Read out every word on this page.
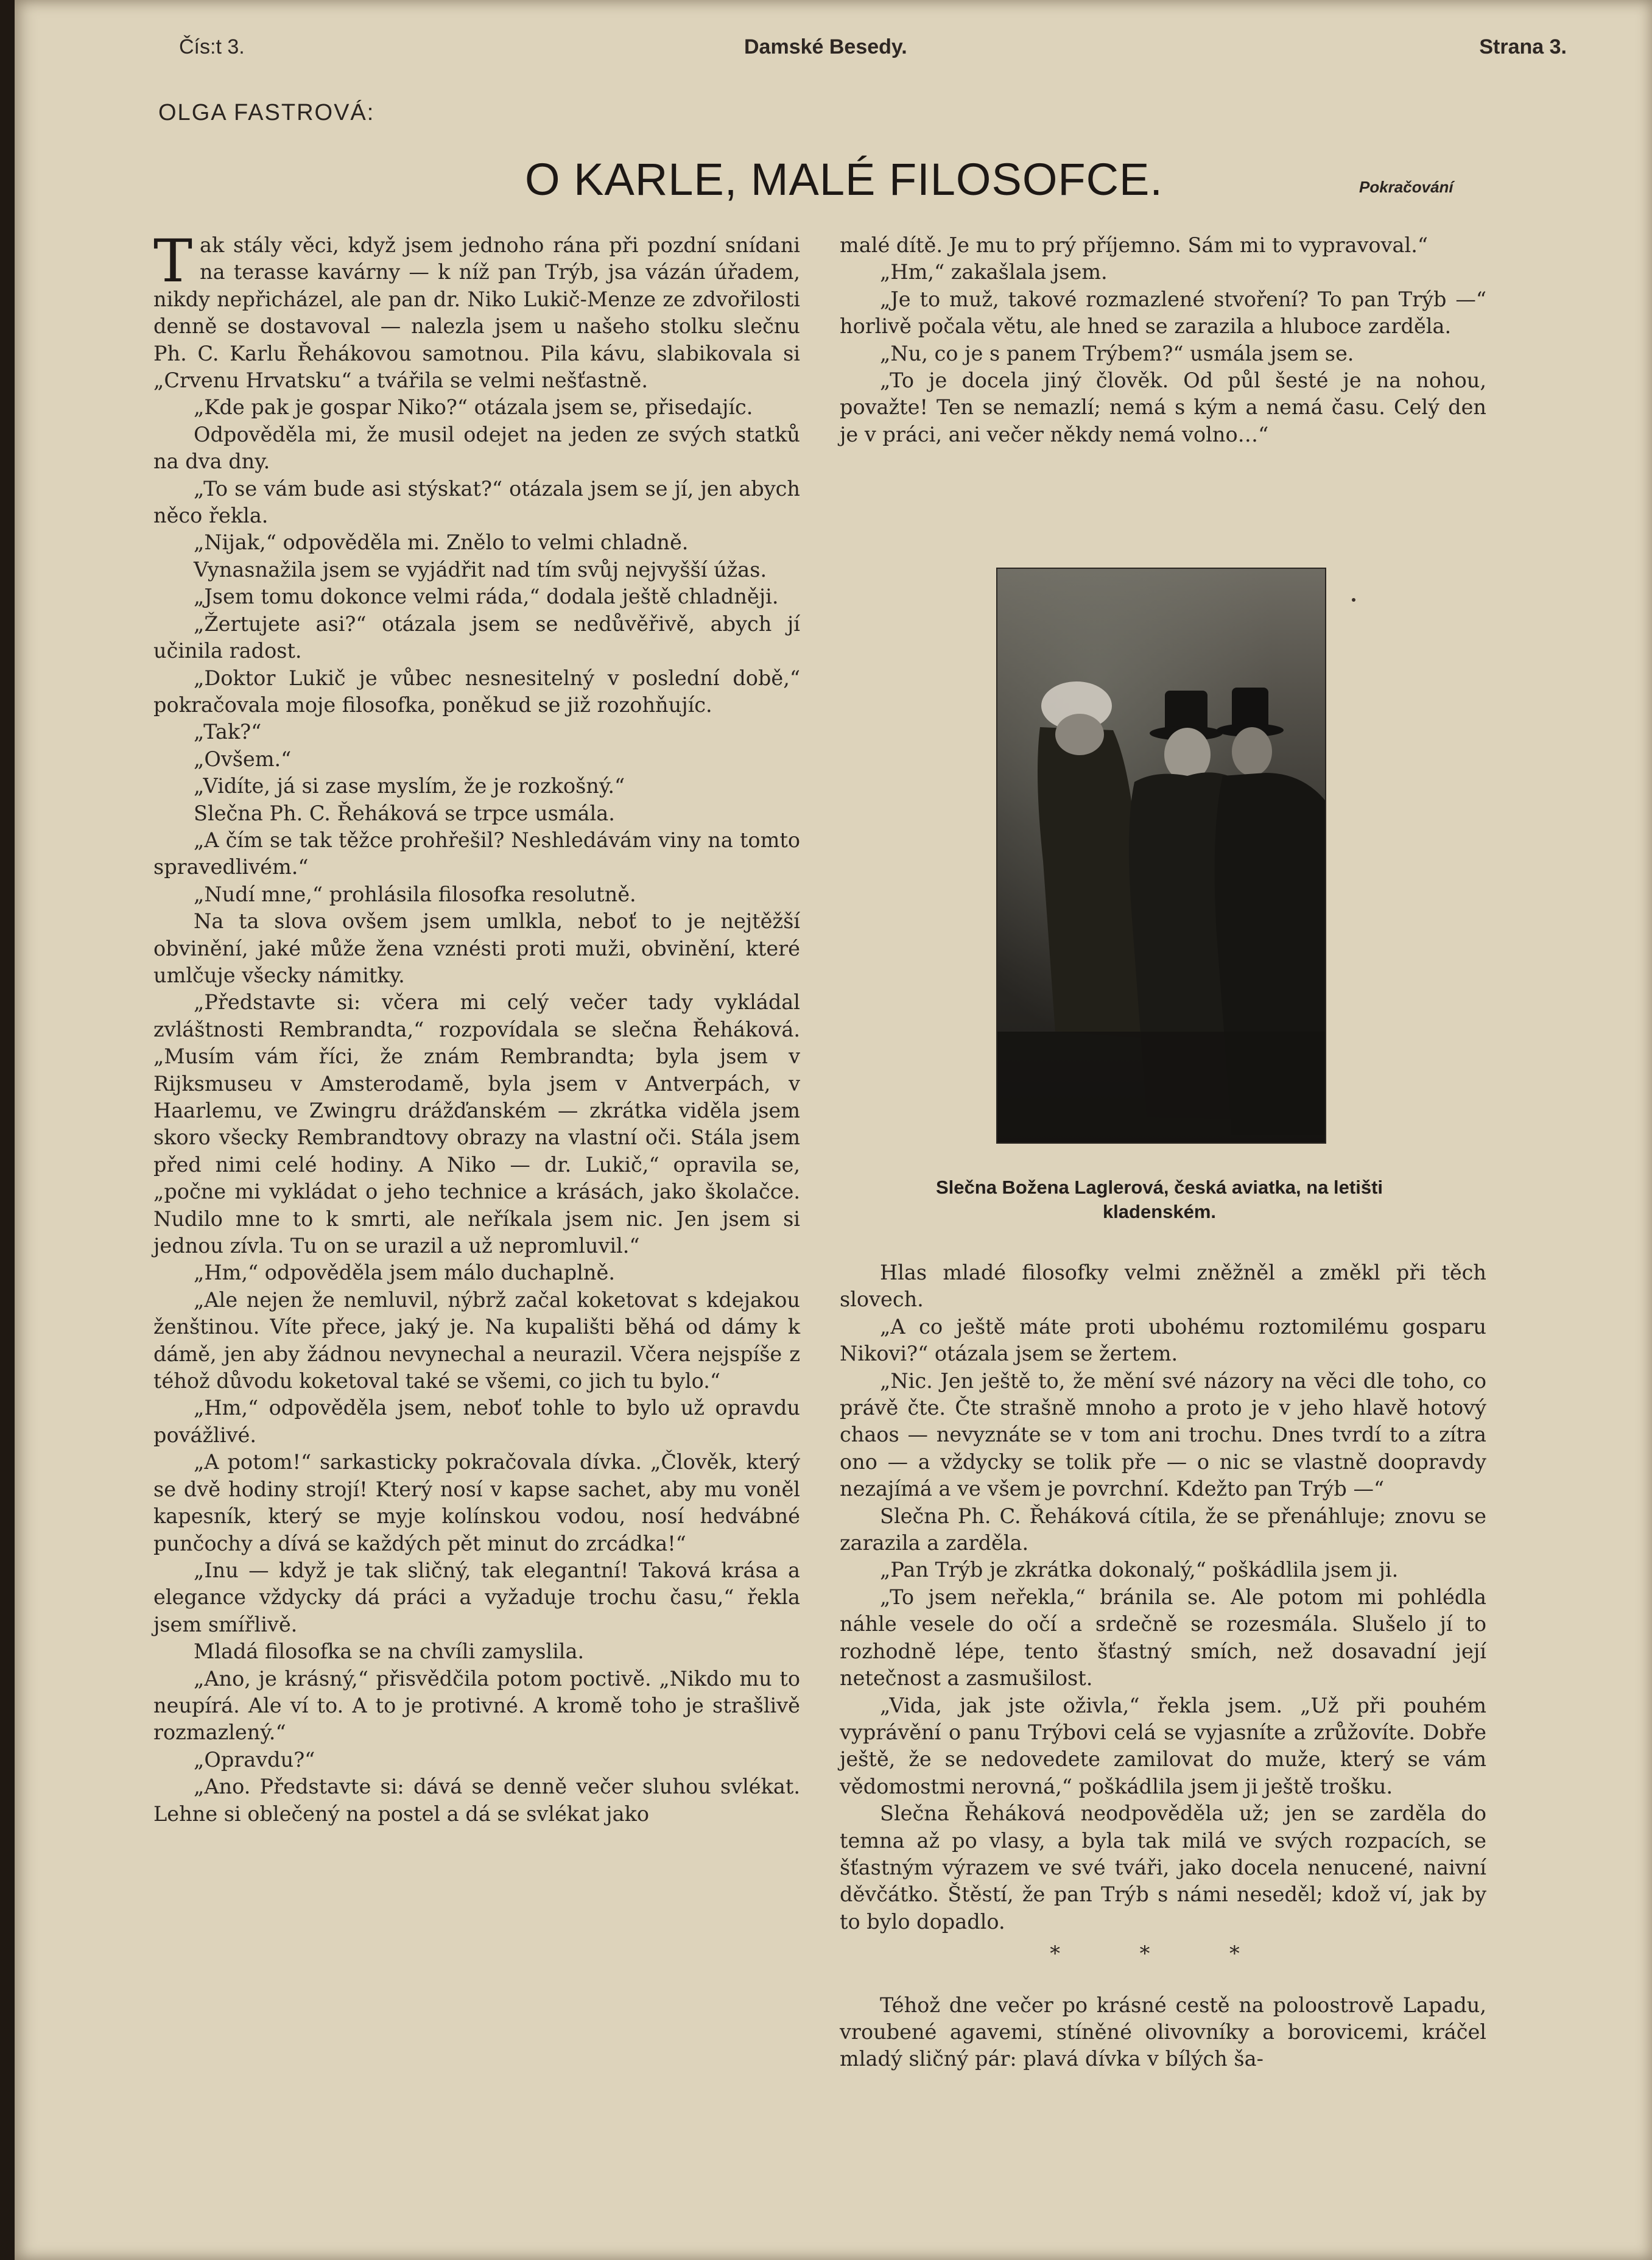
Čís:t 3.	Damské Besedy.	Strana 3.
OLGA FASTROVÁ:
O KARLE, MALÉ FILOSOFCE.	Pokračování

Tak stály věci, když jsem jednoho rána při pozdní snídani na terasse kavárny — k níž pan Trýb, jsa vázán úřadem, nikdy nepřicházel, ale pan dr. Niko Lukič-Menze ze zdvořilosti denně se dostavoval — nalezla jsem u našeho stolku slečnu Ph. C. Karlu Řehákovou samotnou. Pila kávu, slabikovala si „Crvenu Hrvatsku“ a tvářila se velmi nešťastně.

„Kde pak je gospar Niko?“ otázala jsem se, přisedajíc.

Odpověděla mi, že musil odejet na jeden ze svých statků na dva dny.

„To se vám bude asi stýskat?“ otázala jsem se jí, jen abych něco řekla.

„Nijak,“ odpověděla mi. Znělo to velmi chladně.

Vynasnažila jsem se vyjádřit nad tím svůj nejvyšší úžas.

„Jsem tomu dokonce velmi ráda,“ dodala ještě chladněji.

„Žertujete asi?“ otázala jsem se nedůvěřivě, abych jí učinila radost.

„Doktor Lukič je vůbec nesnesitelný v poslední době,“ pokračovala moje filosofka, poněkud se již rozohňujíc.

„Tak?“

„Ovšem.“

„Vidíte, já si zase myslím, že je rozkošný.“

Slečna Ph. C. Řeháková se trpce usmála.

„A čím se tak těžce prohřešil? Neshledávám viny na tomto spravedlivém.“

„Nudí mne,“ prohlásila filosofka resolutně.

Na ta slova ovšem jsem umlkla, neboť to je nejtěžší obvinění, jaké může žena vznésti proti muži, obvinění, které umlčuje všecky námitky.

„Představte si: včera mi celý večer tady vykládal zvláštnosti Rembrandta,“ rozpovídala se slečna Řeháková. „Musím vám říci, že znám Rembrandta; byla jsem v Rijksmuseu v Amsterodamě, byla jsem v Antverpách, v Haarlemu, ve Zwingru drážďanském — zkrátka viděla jsem skoro všecky Rembrandtovy obrazy na vlastní oči. Stála jsem před nimi celé hodiny. A Niko — dr. Lukič,“ opravila se, „počne mi vykládat o jeho technice a krásách, jako školačce. Nudilo mne to k smrti, ale neříkala jsem nic. Jen jsem si jednou zívla. Tu on se urazil a už nepromluvil.“

„Hm,“ odpověděla jsem málo duchaplně.

„Ale nejen že nemluvil, nýbrž začal koketovat s kdejakou ženštinou. Víte přece, jaký je. Na kupališti běhá od dámy k dámě, jen aby žádnou nevynechal a neurazil. Včera nejspíše z téhož důvodu koketoval také se všemi, co jich tu bylo.“

„Hm,“ odpověděla jsem, neboť tohle to bylo už opravdu povážlivé.

„A potom!“ sarkasticky pokračovala dívka. „Člověk, který se dvě hodiny strojí! Který nosí v kapse sachet, aby mu voněl kapesník, který se myje kolínskou vodou, nosí hedvábné punčochy a dívá se každých pět minut do zrcádka!“

„Inu — když je tak sličný, tak elegantní! Taková krása a elegance vždycky dá práci a vyžaduje trochu času,“ řekla jsem smířlivě.

Mladá filosofka se na chvíli zamyslila.

„Ano, je krásný,“ přisvědčila potom poctivě. „Nikdo mu to neupírá. Ale ví to. A to je protivné. A kromě toho je strašlivě rozmazlený.“

„Opravdu?“

„Ano. Představte si: dává se denně večer sluhou svlékat. Lehne si oblečený na postel a dá se svlékat jako

malé dítě. Je mu to prý příjemno. Sám mi to vypravoval.“

„Hm,“ zakašlala jsem.

„Je to muž, takové rozmazlené stvoření? To pan Trýb —“ horlivě počala větu, ale hned se zarazila a hluboce zarděla.

„Nu, co je s panem Trýbem?“ usmála jsem se.

„To je docela jiný člověk. Od půl šesté je na nohou, považte! Ten se nemazlí; nemá s kým a nemá času. Celý den je v práci, ani večer někdy nemá volno…“

Slečna Božena Laglerová, česká aviatka, na letišti kladenském.

Hlas mladé filosofky velmi zněžněl a změkl při těch slovech.

„A co ještě máte proti ubohému roztomilému gosparu Nikovi?“ otázala jsem se žertem.

„Nic. Jen ještě to, že mění své názory na věci dle toho, co právě čte. Čte strašně mnoho a proto je v jeho hlavě hotový chaos — nevyznáte se v tom ani trochu. Dnes tvrdí to a zítra ono — a vždycky se tolik pře — o nic se vlastně doopravdy nezajímá a ve všem je povrchní. Kdežto pan Trýb —“

Slečna Ph. C. Řeháková cítila, že se přenáhluje; znovu se zarazila a zarděla.

„Pan Trýb je zkrátka dokonalý,“ poškádlila jsem ji.

„To jsem neřekla,“ bránila se. Ale potom mi pohlédla náhle vesele do očí a srdečně se rozesmála. Slušelo jí to rozhodně lépe, tento šťastný smích, než dosavadní její netečnost a zasmušilost.

„Vida, jak jste oživla,“ řekla jsem. „Už při pouhém vyprávění o panu Trýbovi celá se vyjasníte a zrůžovíte. Dobře ještě, že se nedovedete zamilovat do muže, který se vám vědomostmi nerovná,“ poškádlila jsem ji ještě trošku.

Slečna Řeháková neodpověděla už; jen se zarděla do temna až po vlasy, a byla tak milá ve svých rozpacích, se šťastným výrazem ve své tváři, jako docela nenucené, naivní děvčátko. Štěstí, že pan Trýb s námi neseděl; kdož ví, jak by to bylo dopadlo.

* * *

Téhož dne večer po krásné cestě na poloostrově Lapadu, vroubené agavemi, stíněné olivovníky a borovicemi, kráčel mladý sličný pár: plavá dívka v bílých ša-
